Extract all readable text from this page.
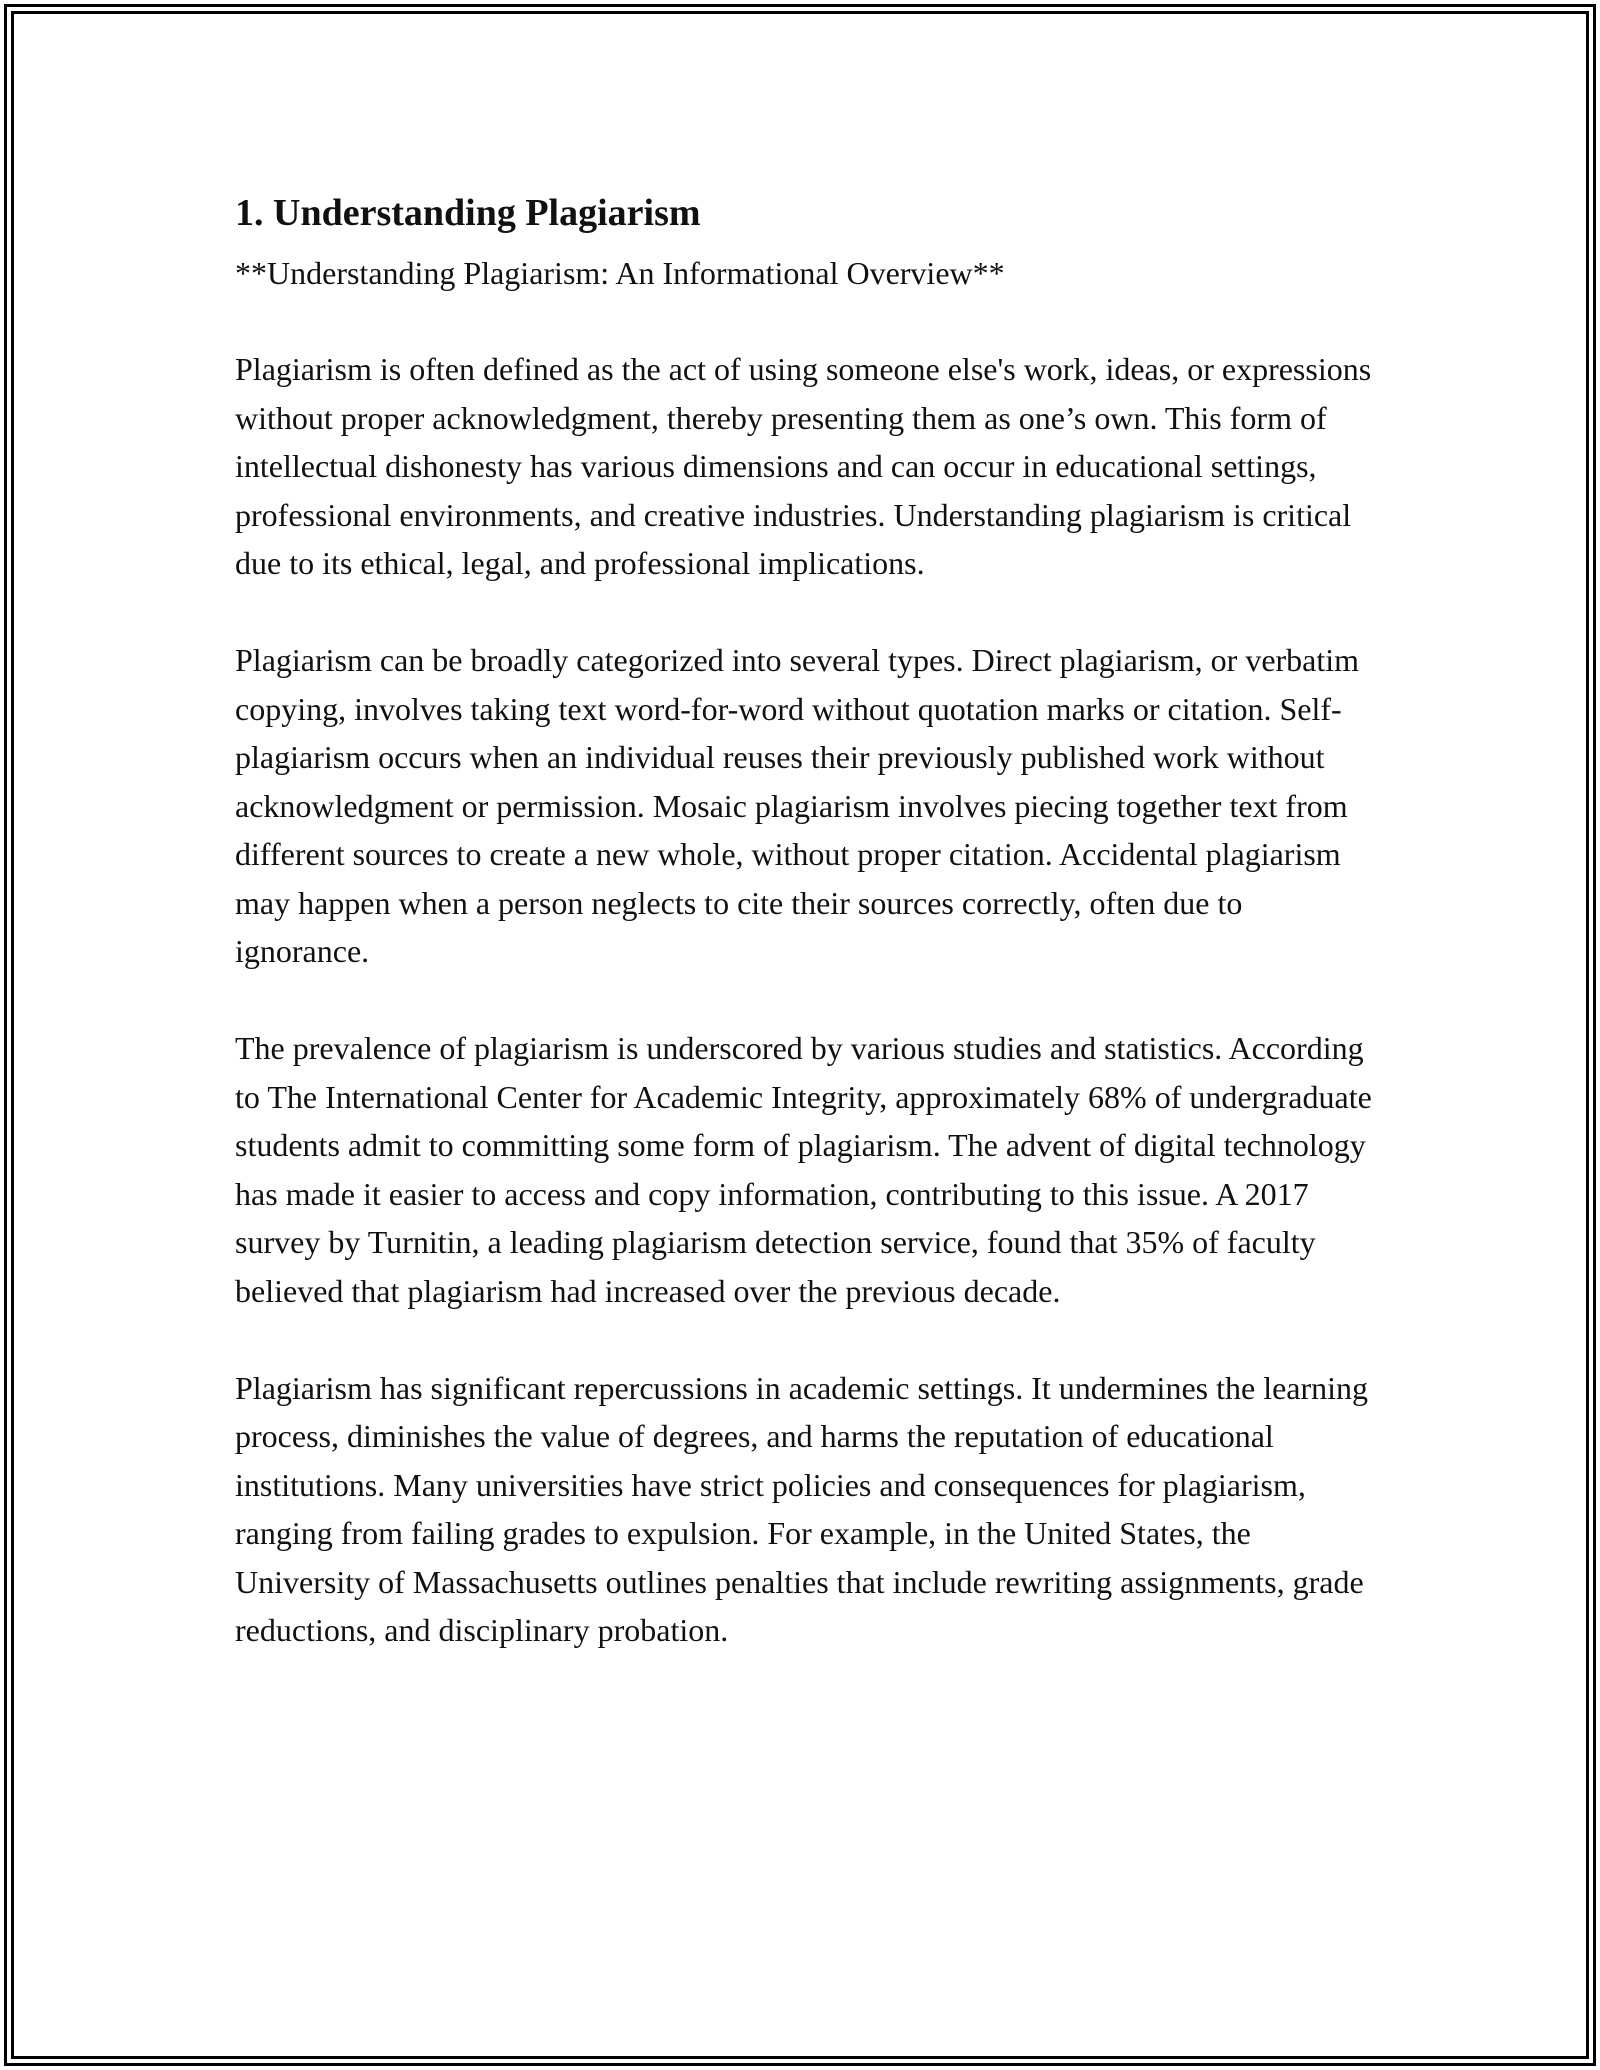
1. Understanding Plagiarism
**Understanding Plagiarism: An Informational Overview**

Plagiarism is often defined as the act of using someone else's work, ideas, or expressions without proper acknowledgment, thereby presenting them as one’s own. This form of intellectual dishonesty has various dimensions and can occur in educational settings, professional environments, and creative industries. Understanding plagiarism is critical due to its ethical, legal, and professional implications.

Plagiarism can be broadly categorized into several types. Direct plagiarism, or verbatim copying, involves taking text word-for-word without quotation marks or citation. Self-plagiarism occurs when an individual reuses their previously published work without acknowledgment or permission. Mosaic plagiarism involves piecing together text from different sources to create a new whole, without proper citation. Accidental plagiarism may happen when a person neglects to cite their sources correctly, often due to ignorance.

The prevalence of plagiarism is underscored by various studies and statistics. According to The International Center for Academic Integrity, approximately 68% of undergraduate students admit to committing some form of plagiarism. The advent of digital technology has made it easier to access and copy information, contributing to this issue. A 2017 survey by Turnitin, a leading plagiarism detection service, found that 35% of faculty believed that plagiarism had increased over the previous decade.

Plagiarism has significant repercussions in academic settings. It undermines the learning process, diminishes the value of degrees, and harms the reputation of educational institutions. Many universities have strict policies and consequences for plagiarism, ranging from failing grades to expulsion. For example, in the United States, the University of Massachusetts outlines penalties that include rewriting assignments, grade reductions, and disciplinary probation.
